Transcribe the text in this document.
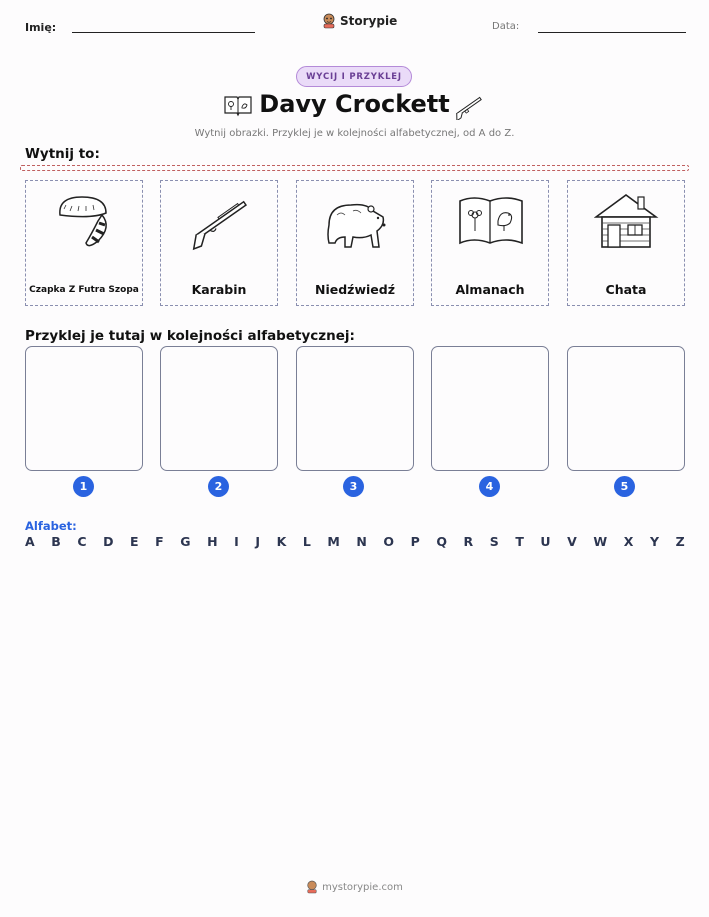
Imię:	Storypie	Data:
WYCIJ I PRZYKLEJ
Davy Crockett
Wytnij obrazki. Przyklej je w kolejności alfabetycznej, od A do Z.
Wytnij to:
Czapka Z Futra Szopa	Karabin	Niedźwiedź	Almanach	Chata
Przyklej je tutaj w kolejności alfabetycznej:
1	2	3	4	5
Alfabet:
A B C D E F G H I J K L M N O P Q R S T U V W X Y Z
mystorypie.com
